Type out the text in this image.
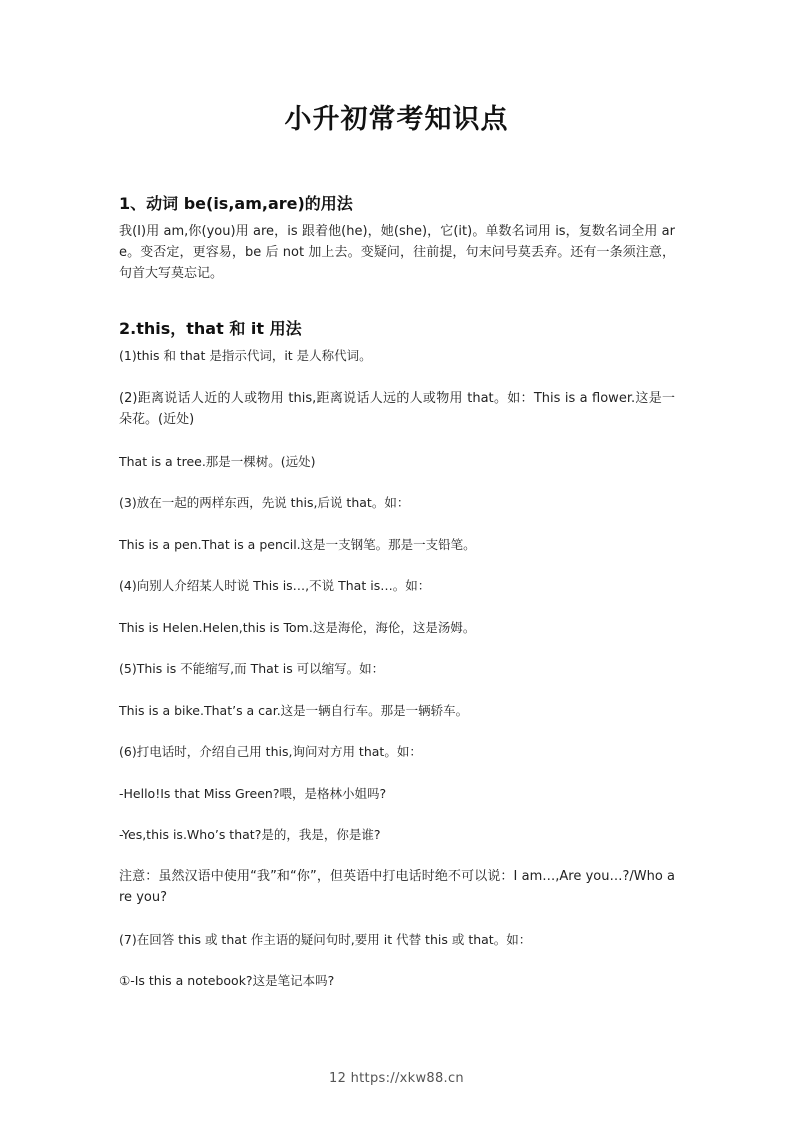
小升初常考知识点
1、动词 be(is,am,are)的用法
我(I)用 am,你(you)用 are，is 跟着他(he)，她(she)，它(it)。单数名词用 is，复数名词全用 are。变否定，更容易，be 后 not 加上去。变疑问，往前提，句末问号莫丢弃。还有一条须注意，句首大写莫忘记。
2.this，that 和 it 用法
(1)this 和 that 是指示代词，it 是人称代词。
(2)距离说话人近的人或物用 this,距离说话人远的人或物用 that。如：This is a flower.这是一朵花。(近处)
That is a tree.那是一棵树。(远处)
(3)放在一起的两样东西，先说 this,后说 that。如：
This is a pen.That is a pencil.这是一支钢笔。那是一支铅笔。
(4)向别人介绍某人时说 This is…,不说 That is…。如：
This is Helen.Helen,this is Tom.这是海伦，海伦，这是汤姆。
(5)This is 不能缩写,而 That is 可以缩写。如：
This is a bike.That’s a car.这是一辆自行车。那是一辆轿车。
(6)打电话时，介绍自己用 this,询问对方用 that。如：
-Hello!Is that Miss Green?喂，是格林小姐吗?
-Yes,this is.Who’s that?是的，我是，你是谁?
注意：虽然汉语中使用“我”和“你”，但英语中打电话时绝不可以说：I am…,Are you…?/Who are you?
(7)在回答 this 或 that 作主语的疑问句时,要用 it 代替 this 或 that。如：
①-Is this a notebook?这是笔记本吗?
12 https://xkw88.cn
